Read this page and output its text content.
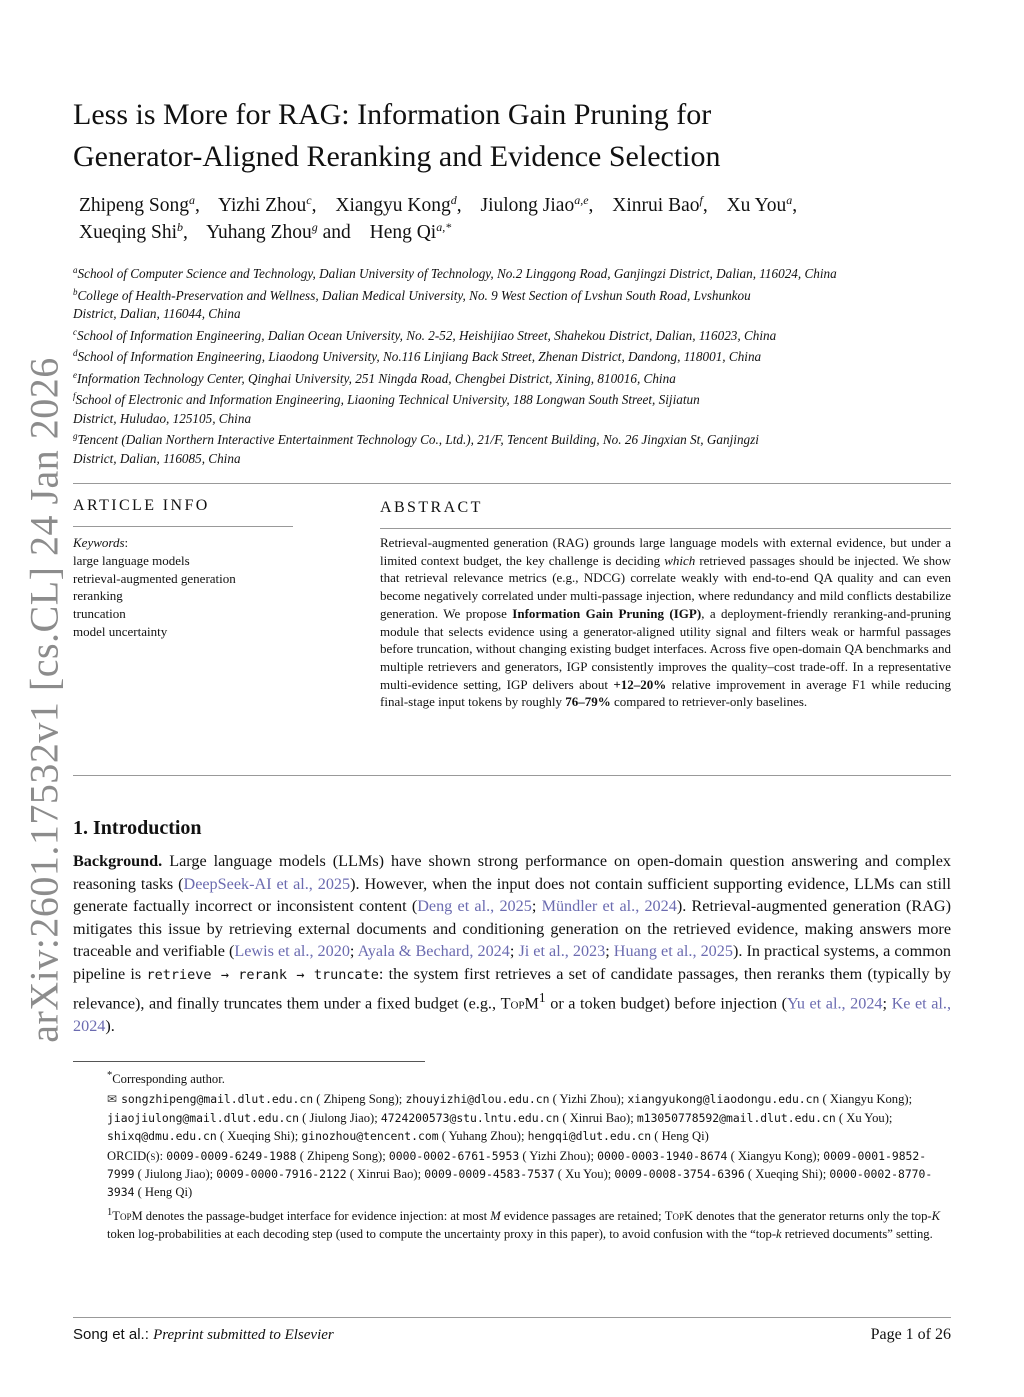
arXiv:2601.17532v1 [cs.CL] 24 Jan 2026
Less is More for RAG: Information Gain Pruning for
Generator-Aligned Reranking and Evidence Selection
Zhipeng Song$^a$, Yizhi Zhou$^c$, Xiangyu Kong$^d$, Jiulong Jiao$^{a,e}$, Xinrui Bao$^f$, Xu You$^a$,
Xueqing Shi$^b$, Yuhang Zhou$^g$ and Heng $Qi^{a,*}$
$^a$School of Computer Science and Technology, Dalian University of Technology, No.2 Linggong Road, Ganjingzi District, Dalian, 116024, China
$^b$College of Health-Preservation and Wellness, Dalian Medical University, No. 9 West Section of Lvshun South Road, Lvshunkou
District, Dalian, 116044, China
$^c$School of Information Engineering, Dalian Ocean University, No. 2-52, Heishijiao Street, Shahekou District, Dalian, 116023, China
$^d$School of Information Engineering, Liaodong University, No.116 Linjiang Back Street, Zhenan District, Dandong, 118001, China
$^e$Information Technology Center, Qinghai University, 251 Ningda Road, Chengbei District, Xining, 810016, China
$^f$School of Electronic and Information Engineering, Liaoning Technical University, 188 Longwan South Street, Sijiatun
District, Huludao, 125105, China
$^g$Tencent (Dalian Northern Interactive Entertainment Technology Co., Ltd.), 21/F, Tencent Building, No. 26 Jingxian St, Ganjingzi
District, Dalian, 116085, China
ARTICLE INFO	ABSTRACT
Keywords:
large language models
retrieval-augmented generation
reranking
truncation
model uncertainty
Retrieval-augmented generation (RAG) grounds large language models with external evidence, but under a limited context budget, the key challenge is deciding which retrieved passages should be injected. We show that retrieval relevance metrics (e.g., NDCG) correlate weakly with end-to-end QA quality and can even become negatively correlated under multi-passage injection, where redundancy and mild conflicts destabilize generation. We propose Information Gain Pruning (IGP), a deployment-friendly reranking-and-pruning module that selects evidence using a generator-aligned utility signal and filters weak or harmful passages before truncation, without changing existing budget interfaces. Across five open-domain QA benchmarks and multiple retrievers and generators, IGP consistently improves the quality–cost trade-off. In a representative multi-evidence setting, IGP delivers about +12–20% relative improvement in average F1 while reducing final-stage input tokens by roughly 76–79% compared to retriever-only baselines.
1. Introduction
Background. Large language models (LLMs) have shown strong performance on open-domain question answering and complex reasoning tasks (DeepSeek-AI et al., 2025). However, when the input does not contain sufficient supporting evidence, LLMs can still generate factually incorrect or inconsistent content (Deng et al., 2025; Mündler et al., 2024). Retrieval-augmented generation (RAG) mitigates this issue by retrieving external documents and conditioning generation on the retrieved evidence, making answers more traceable and verifiable (Lewis et al., 2020; Ayala & Bechard, 2024; Ji et al., 2023; Huang et al., 2025). In practical systems, a common pipeline is retrieve → rerank → truncate: the system first retrieves a set of candidate passages, then reranks them (typically by relevance), and finally truncates them under a fixed budget (e.g., TopM$^1$ or a token budget) before injection (Yu et al., 2024; Ke et al., 2024).
*Corresponding author.
✉ songzhipeng@mail.dlut.edu.cn ( Zhipeng Song); zhouyizhi@dlou.edu.cn ( Yizhi Zhou); xiangyukong@liaodongu.edu.cn ( Xiangyu Kong); jiaojiulong@mail.dlut.edu.cn ( Jiulong Jiao); 4724200573@stu.lntu.edu.cn ( Xinrui Bao); m13050778592@mail.dlut.edu.cn ( Xu You); shixq@dmu.edu.cn ( Xueqing Shi); ginozhou@tencent.com ( Yuhang Zhou); hengqi@dlut.edu.cn ( Heng Qi)
ORCID(s): 0009-0009-6249-1988 ( Zhipeng Song); 0000-0002-6761-5953 ( Yizhi Zhou); 0000-0003-1940-8674 ( Xiangyu Kong); 0009-0001-9852-7999 ( Jiulong Jiao); 0009-0000-7916-2122 ( Xinrui Bao); 0009-0009-4583-7537 ( Xu You); 0009-0008-3754-6396 ( Xueqing Shi); 0000-0002-8770-3934 ( Heng Qi)
$^1$TopM denotes the passage-budget interface for evidence injection: at most M evidence passages are retained; TopK denotes that the generator returns only the top-K token log-probabilities at each decoding step (used to compute the uncertainty proxy in this paper), to avoid confusion with the “top-k retrieved documents” setting.
Song et al.: Preprint submitted to Elsevier	Page 1 of 26
